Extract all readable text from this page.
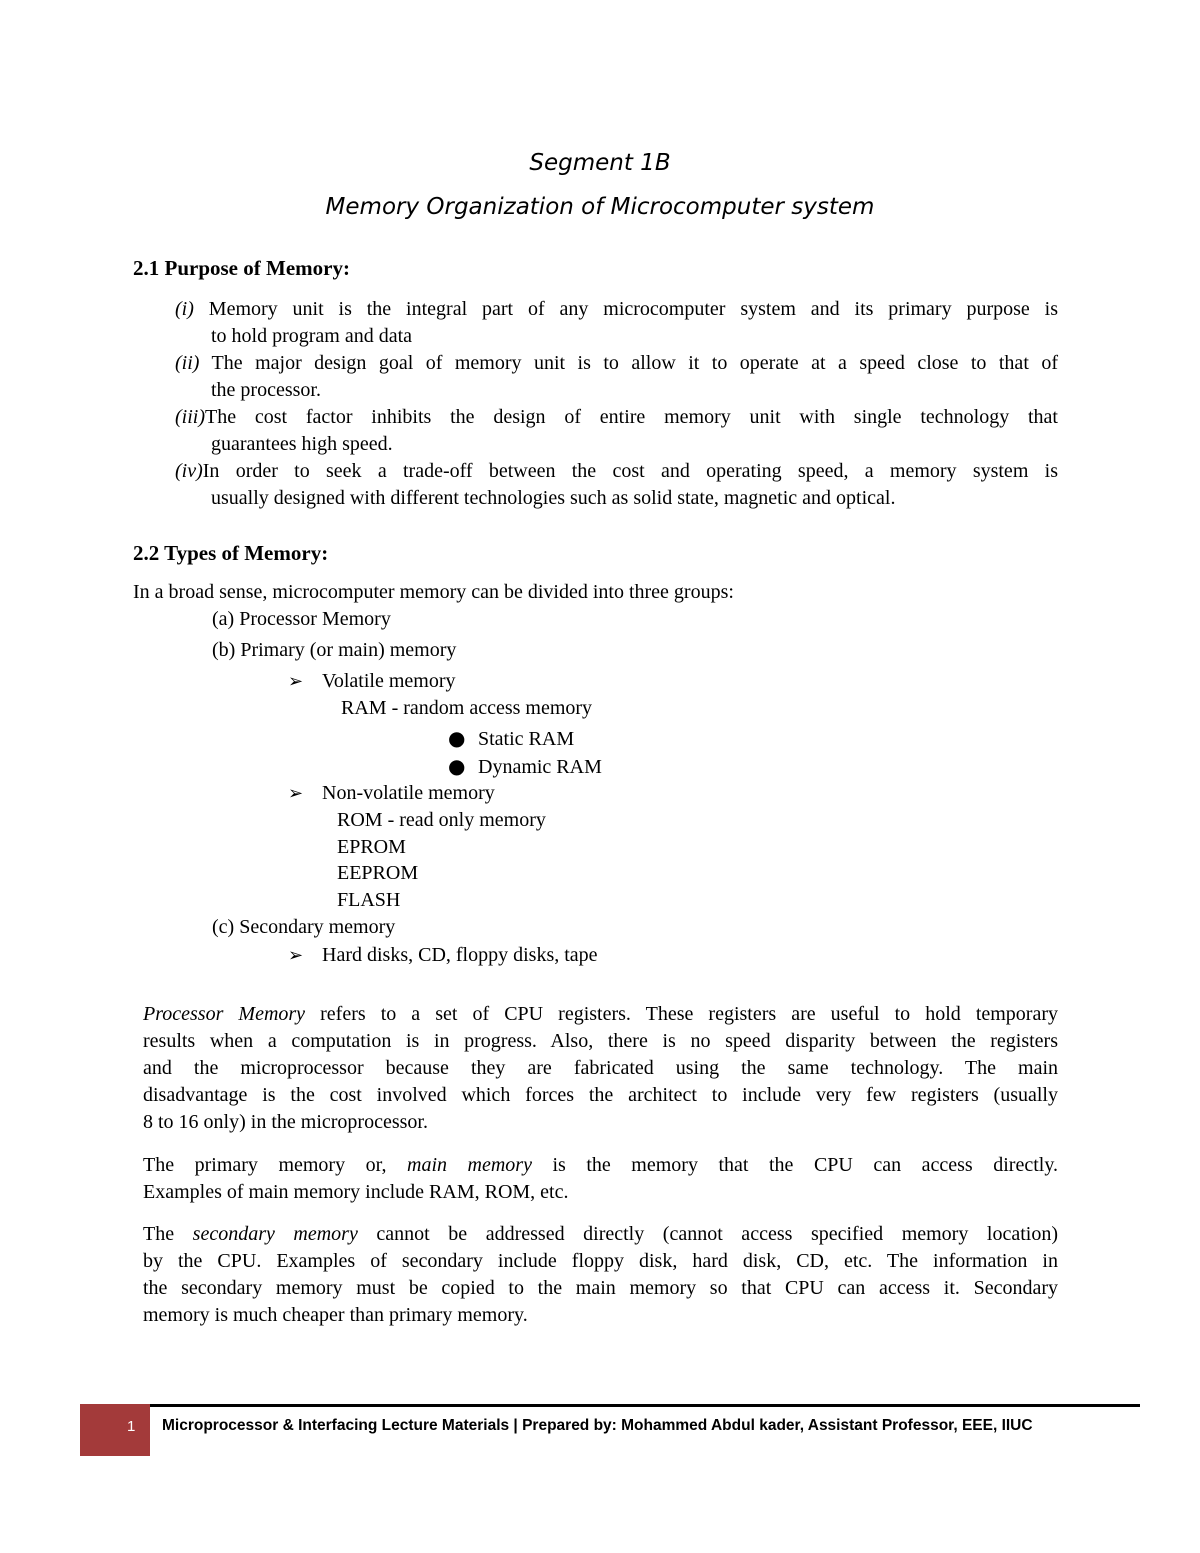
Segment 1B
Memory Organization of Microcomputer system
2.1 Purpose of Memory:
(i) Memory unit is the integral part of any microcomputer system and its primary purpose is
to hold program and data
(ii) The major design goal of memory unit is to allow it to operate at a speed close to that of
the processor.
(iii)The cost factor inhibits the design of entire memory unit with single technology that
guarantees high speed.
(iv)In order to seek a trade-off between the cost and operating speed, a memory system is
usually designed with different technologies such as solid state, magnetic and optical.
2.2 Types of Memory:
In a broad sense, microcomputer memory can be divided into three groups:
(a) Processor Memory
(b) Primary (or main) memory
➢ Volatile memory
RAM - random access memory
● Static RAM
● Dynamic RAM
➢ Non-volatile memory
ROM - read only memory
EPROM
EEPROM
FLASH
(c) Secondary memory
➢ Hard disks, CD, floppy disks, tape
Processor Memory refers to a set of CPU registers. These registers are useful to hold temporary
results when a computation is in progress. Also, there is no speed disparity between the registers
and the microprocessor because they are fabricated using the same technology. The main
disadvantage is the cost involved which forces the architect to include very few registers (usually
8 to 16 only) in the microprocessor.
The primary memory or, main memory is the memory that the CPU can access directly.
Examples of main memory include RAM, ROM, etc.
The secondary memory cannot be addressed directly (cannot access specified memory location)
by the CPU. Examples of secondary include floppy disk, hard disk, CD, etc. The information in
the secondary memory must be copied to the main memory so that CPU can access it. Secondary
memory is much cheaper than primary memory.
1 Microprocessor & Interfacing Lecture Materials | Prepared by: Mohammed Abdul kader, Assistant Professor, EEE, IIUC
